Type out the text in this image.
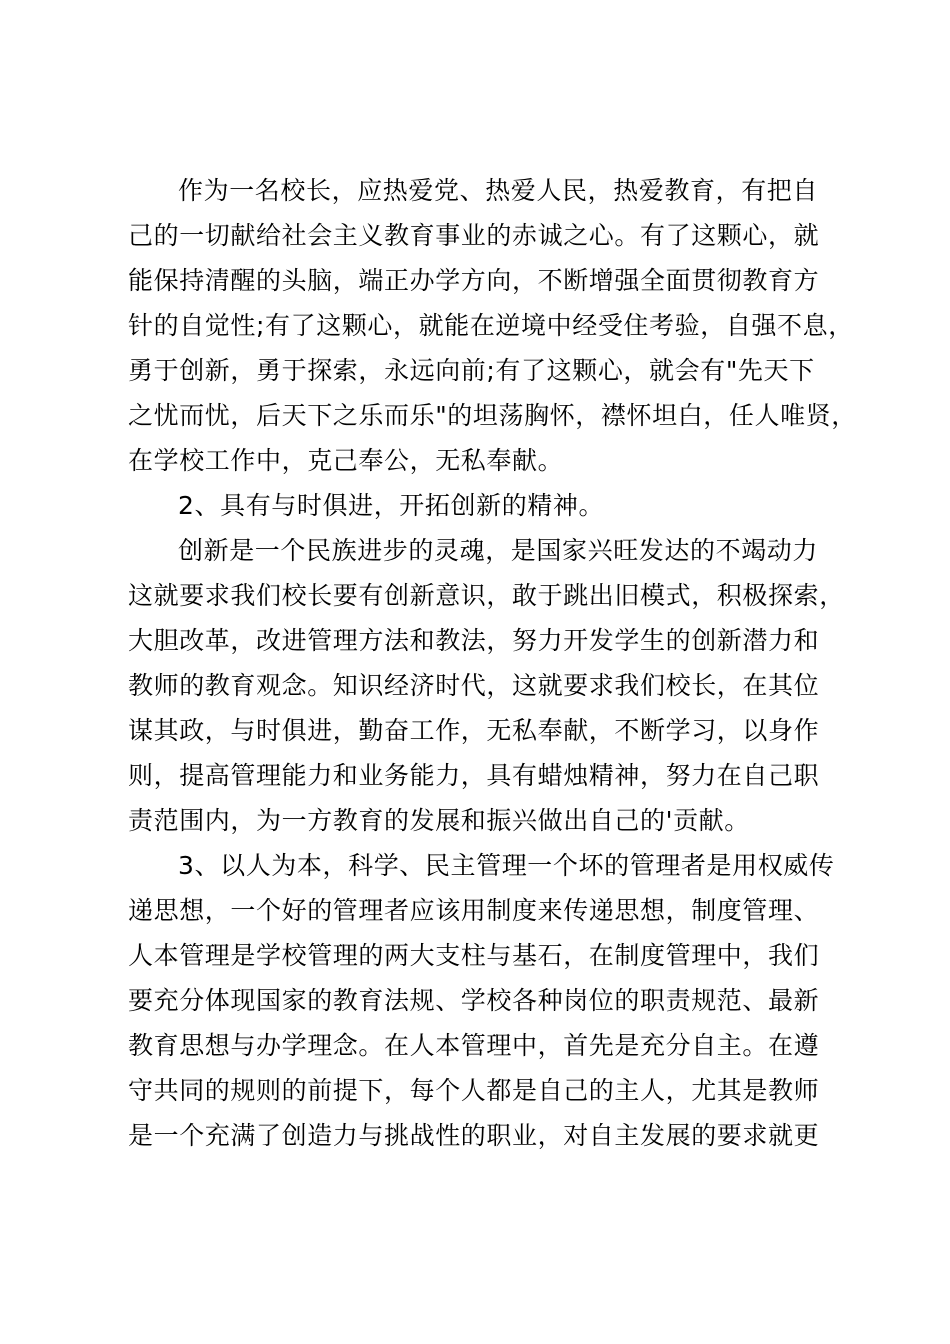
作为一名校长，应热爱党、热爱人民，热爱教育，有把自
己的一切献给社会主义教育事业的赤诚之心。有了这颗心，就
能保持清醒的头脑，端正办学方向，不断增强全面贯彻教育方
针的自觉性;有了这颗心，就能在逆境中经受住考验，自强不息，
勇于创新，勇于探索，永远向前;有了这颗心，就会有"先天下
之忧而忧，后天下之乐而乐"的坦荡胸怀，襟怀坦白，任人唯贤，
在学校工作中，克己奉公，无私奉献。

2、具有与时俱进，开拓创新的精神。

创新是一个民族进步的灵魂，是国家兴旺发达的不竭动力
这就要求我们校长要有创新意识，敢于跳出旧模式，积极探索，
大胆改革，改进管理方法和教法，努力开发学生的创新潜力和
教师的教育观念。知识经济时代，这就要求我们校长，在其位
谋其政，与时俱进，勤奋工作，无私奉献，不断学习，以身作
则，提高管理能力和业务能力，具有蜡烛精神，努力在自己职
责范围内，为一方教育的发展和振兴做出自己的'贡献。

3、以人为本，科学、民主管理一个坏的管理者是用权威传
递思想，一个好的管理者应该用制度来传递思想，制度管理、
人本管理是学校管理的两大支柱与基石，在制度管理中，我们
要充分体现国家的教育法规、学校各种岗位的职责规范、最新
教育思想与办学理念。在人本管理中，首先是充分自主。在遵
守共同的规则的前提下，每个人都是自己的主人，尤其是教师
是一个充满了创造力与挑战性的职业，对自主发展的要求就更
